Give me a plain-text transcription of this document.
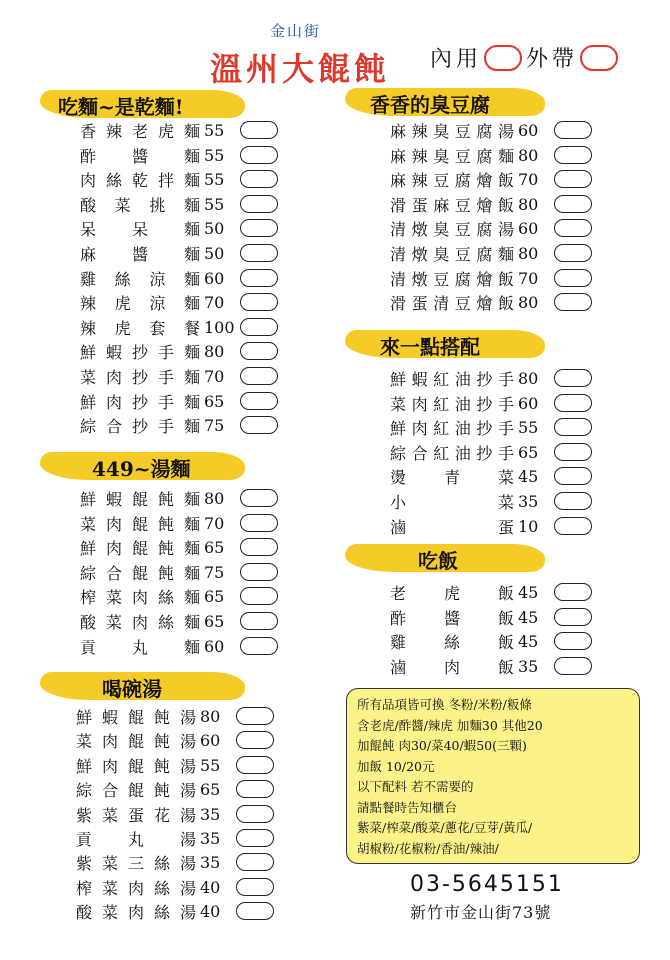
金山街
溫州大餛飩 內用 外帶
吃麵~是乾麵!	香香的臭豆腐
449~湯麵
來一點搭配
吃飯
喝碗湯
香 辣 老 虎 麵 55
酢 醬 麵 55
肉 絲 乾 拌 麵 55
酸 菜 挑 麵 55
呆 呆 麵 50
麻 醬 麵 50
雞 絲 涼 麵 60
辣 虎 涼 麵 70
辣 虎 套 餐 100
鮮 蝦 抄 手 麵 80
菜 肉 抄 手 麵 70
鮮 肉 抄 手 麵 65
綜 合 抄 手 麵 75
鮮 蝦 餛 飩 麵 80
菜 肉 餛 飩 麵 70
鮮 肉 餛 飩 麵 65
綜 合 餛 飩 麵 75
榨 菜 肉 絲 麵 65
酸 菜 肉 絲 麵 65
貢 丸 麵 60
鮮 蝦 餛 飩 湯 80
菜 肉 餛 飩 湯 60
鮮 肉 餛 飩 湯 55
綜 合 餛 飩 湯 65
紫 菜 蛋 花 湯 35
貢 丸 湯 35
紫 菜 三 絲 湯 35
榨 菜 肉 絲 湯 40
酸 菜 肉 絲 湯 40
麻 辣 臭 豆 腐 湯 60
麻 辣 臭 豆 腐 麵 80
麻 辣 豆 腐 燴 飯 70
滑 蛋 麻 豆 燴 飯 80
清 燉 臭 豆 腐 湯 60
清 燉 臭 豆 腐 麵 80
清 燉 豆 腐 燴 飯 70
滑 蛋 清 豆 燴 飯 80
鮮 蝦 紅 油 抄 手 80
菜 肉 紅 油 抄 手 60
鮮 肉 紅 油 抄 手 55
綜 合 紅 油 抄 手 65
燙 青 菜 45
小	菜 35
滷	蛋 10
老 虎 飯 45
酢 醬 飯 45
雞 絲 飯 45
滷 肉 飯 35
所有品項皆可換 冬粉/米粉/粄條
含老虎/酢醬/辣虎 加麵30 其他20
加餛飩 肉30/菜40/蝦50(三顆)
加飯 10/20元
以下配料 若不需要的
請點餐時告知櫃台
紫菜/榨菜/酸菜/蔥花/豆芽/黃瓜/
胡椒粉/花椒粉/香油/辣油/
03-5645151
新竹市金山街73號
